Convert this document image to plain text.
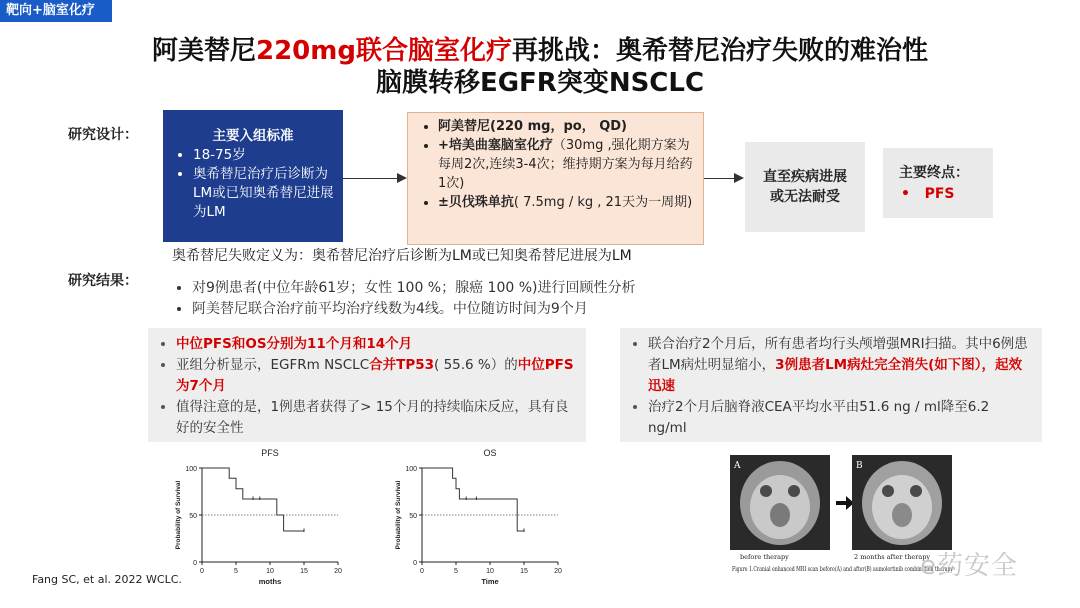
靶向+脑室化疗
阿美替尼220mg联合脑室化疗再挑战：奥希替尼治疗失败的难治性
脑膜转移EGFR突变NSCLC
研究设计：	主要入组标准
• 18-75岁
• 奥希替尼治疗后诊断为LM或已知奥希替尼进展为LM
• 阿美替尼(220 mg，po， QD)
• +培美曲塞脑室化疗（30mg ,强化期方案为每周2次,连续3-4次；维持期方案为每月给药1次)
• ±贝伐珠单抗( 7.5mg / kg , 21天为一周期)
直至疾病进展或无法耐受
主要终点：
•   PFS
奥希替尼失败定义为：奥希替尼治疗后诊断为LM或已知奥希替尼进展为LM
研究结果：
•	对9例患者(中位年龄61岁；女性 100 %；腺癌 100 %)进行回顾性分析
• 阿美替尼联合治疗前平均治疗线数为4线。中位随访时间为9个月
• 中位PFS和OS分别为11个月和14个月
• 亚组分析显示，EGFRm NSCLC合并TP53( 55.6 %）的中位PFS为7个月
• 值得注意的是，1例患者获得了> 15个月的持续临床反应，具有良好的安全性
• 联合治疗2个月后，所有患者均行头颅增强MRI扫描。其中6例患者LM病灶明显缩小，3例患者LM病灶完全消失(如下图），起效迅速
• 治疗2个月后脑脊液CEA平均水平由51.6 ng / ml降至6.2 ng/ml
PFS
0
50
100
0	5	10	15	20
Probability of Survival
moths
OS
0
50
100
0	5	10	15	20
Probability of Survival
Time
A	B
before therapy	2 months after therapy
Figure 1.Cranial enhanced MRI scan before(A) and after(B) aumolertinib combination therapy
Fang SC, et al. 2022 WCLC.	e药安全
